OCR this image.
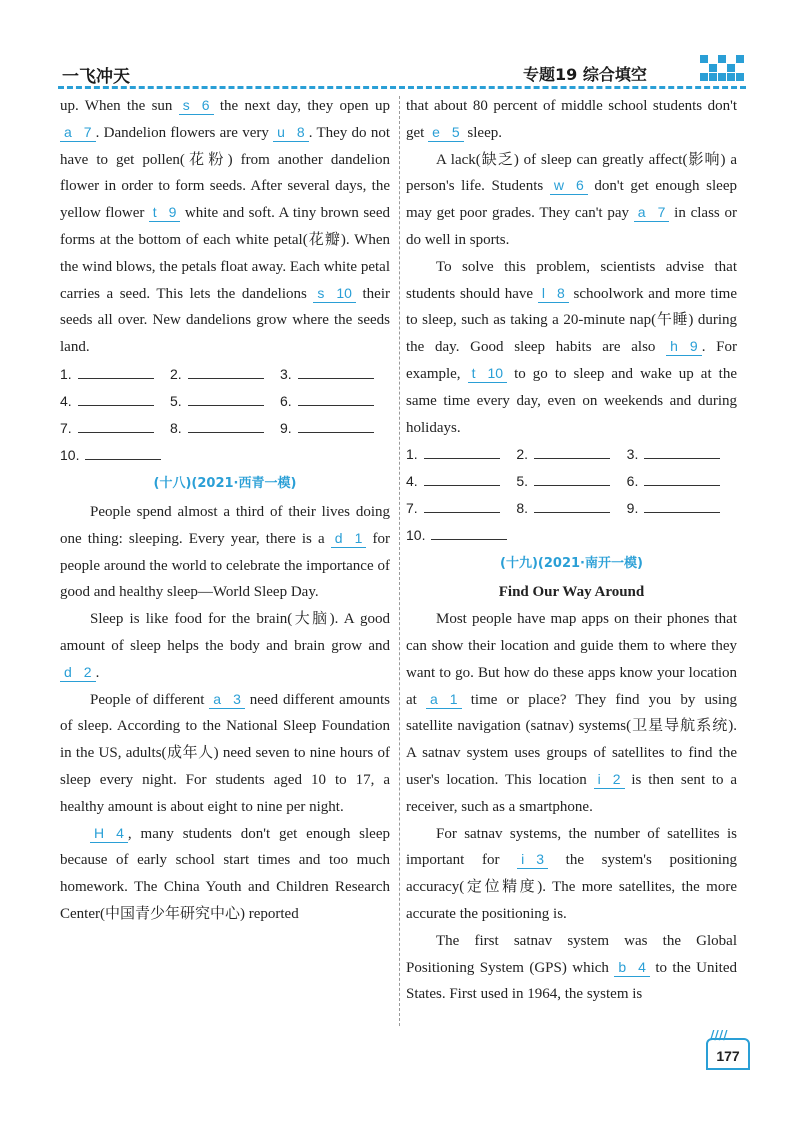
一飞冲天	专题19 综合填空

up. When the sun s 6 the next day, they open up a 7 . Dandelion flowers are very u 8 . They do not have to get pollen(花粉) from another dandelion flower in order to form seeds. After several days, the yellow flower t 9 white and soft. A tiny brown seed forms at the bottom of each white petal(花瓣). When the wind blows, the petals float away. Each white petal carries a seed. This lets the dandelions s 10 their seeds all over. New dandelions grow where the seeds land.

1.	2.	3.
4.	5.	6.
7.	8.	9.
10.
(十八)(2021·西青一模)

People spend almost a third of their lives doing one thing: sleeping. Every year, there is a d 1 for people around the world to celebrate the importance of good and healthy sleep—World Sleep Day.

Sleep is like food for the brain(大脑). A good amount of sleep helps the body and brain grow and d 2 .

People of different a 3 need different amounts of sleep. According to the National Sleep Foundation in the US, adults(成年人) need seven to nine hours of sleep every night. For students aged 10 to 17, a healthy amount is about eight to nine per night.

H 4 , many students don't get enough sleep because of early school start times and too much homework. The China Youth and Children Research Center(中国青少年研究中心) reported

that about 80 percent of middle school students don't get e 5 sleep.

A lack(缺乏) of sleep can greatly affect(影响) a person's life. Students w 6 don't get enough sleep may get poor grades. They can't pay a 7 in class or do well in sports.

To solve this problem, scientists advise that students should have l 8 schoolwork and more time to sleep, such as taking a 20-minute nap(午睡) during the day. Good sleep habits are also h 9 . For example, t 10 to go to sleep and wake up at the same time every day, even on weekends and during holidays.

1.	2.	3.
4.	5.	6.
7.	8.	9.
10.
(十九)(2021·南开一模)
Find Our Way Around

Most people have map apps on their phones that can show their location and guide them to where they want to go. But how do these apps know your location at a 1 time or place? They find you by using satellite navigation (satnav) systems(卫星导航系统). A satnav system uses groups of satellites to find the user's location. This location i 2 is then sent to a receiver, such as a smartphone.

For satnav systems, the number of satellites is important for i 3 the system's positioning accuracy(定位精度). The more satellites, the more accurate the positioning is.

The first satnav system was the Global Positioning System (GPS) which b 4 to the United States. First used in 1964, the system is

////
177
